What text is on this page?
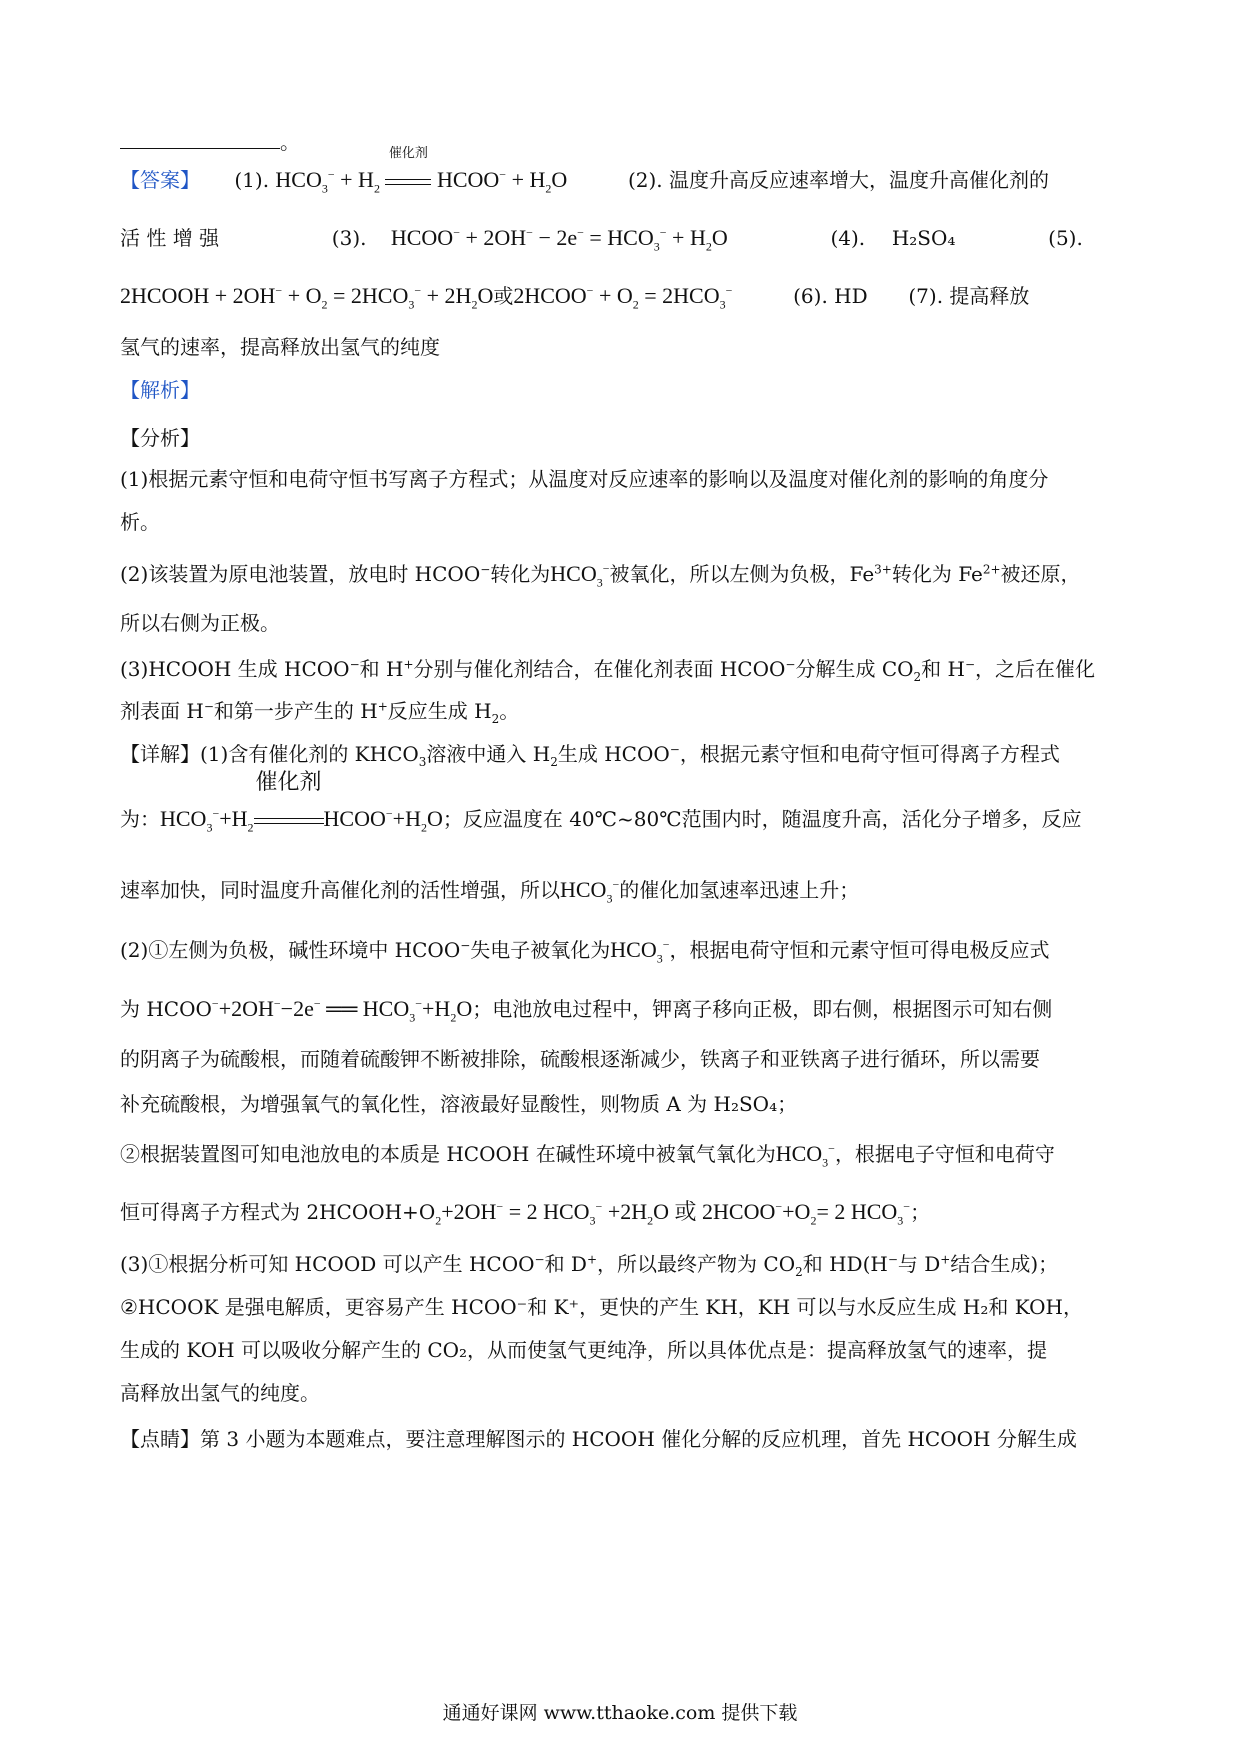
。
【答案】 (1). $HCO_3^- + H_2$
催化剂
HCOO− + $H_2O$	(2). 温度升高反应速率增大，温度升高催化剂的
活 性 增 强	(3). HCOO− + $2OH^- - 2e^- = HCO_3^- + H_2O$	(4). H₂SO₄	(5).
2HCOOH + $2OH^- + O_2 = 2HCO_3^- + 2H_2O$或2HCOO− + $O_2 = 2HCO_3^-$	(6). HD (7). 提高释放
氢气的速率，提高释放出氢气的纯度
【解析】
【分析】
(1)根据元素守恒和电荷守恒书写离子方程式；从温度对反应速率的影响以及温度对催化剂的影响的角度分
析。
(2)该装置为原电池装置，放电时 HCOO−转化为$HCO_3^-$被氧化，所以左侧为负极，$Fe^{3+}$转化为 $Fe^{2+}$被还原，
所以右侧为正极。
(3)HCOOH 生成 HCOO−和 H+分别与催化剂结合，在催化剂表面 HCOO−分解生成 $CO_2$和 H−，之后在催化
剂表面 H−和第一步产生的 H+反应生成 $H_2$。
【详解】(1)含有催化剂的 $KHCO_3$溶液中通入 $H_2$生成 HCOO−，根据元素守恒和电荷守恒可得离子方程式
为：$HCO_3^-+H_2$
催化剂
$HCOO^-+H_2O$；反应温度在 40℃~80℃范围内时，随温度升高，活化分子增多，反应
速率加快，同时温度升高催化剂的活性增强，所以$HCO_3^-$的催化加氢速率迅速上升；
(2)①左侧为负极，碱性环境中 HCOO−失电子被氧化为$HCO_3^-$，根据电荷守恒和元素守恒可得电极反应式
为 HCOO−+2OH−−2e− ══ $HCO_3^-+H_2O$；电池放电过程中，钾离子移向正极，即右侧，根据图示可知右侧
的阴离子为硫酸根，而随着硫酸钾不断被排除，硫酸根逐渐减少，铁离子和亚铁离子进行循环，所以需要
补充硫酸根，为增强氧气的氧化性，溶液最好显酸性，则物质 A 为 H₂SO₄；
②根据装置图可知电池放电的本质是 HCOOH 在碱性环境中被氧气氧化为$HCO_3^-$，根据电子守恒和电荷守
恒可得离子方程式为 $2HCOOH+O_2+2OH^- = 2$ $HCO_3^- +2H_2O$ 或 $2HCOO^-+O_2= 2$ $HCO_3^-$；
(3)①根据分析可知 HCOOD 可以产生 HCOO−和 D+，所以最终产物为 $CO_2$和 HD(H−与 D+结合生成)；
②HCOOK 是强电解质，更容易产生 HCOO⁻和 K⁺，更快的产生 KH，KH 可以与水反应生成 H₂和 KOH，
生成的 KOH 可以吸收分解产生的 CO₂，从而使氢气更纯净，所以具体优点是：提高释放氢气的速率，提
高释放出氢气的纯度。
【点睛】第 3 小题为本题难点，要注意理解图示的 HCOOH 催化分解的反应机理，首先 HCOOH 分解生成
通通好课网 www.tthaoke.com 提供下载
